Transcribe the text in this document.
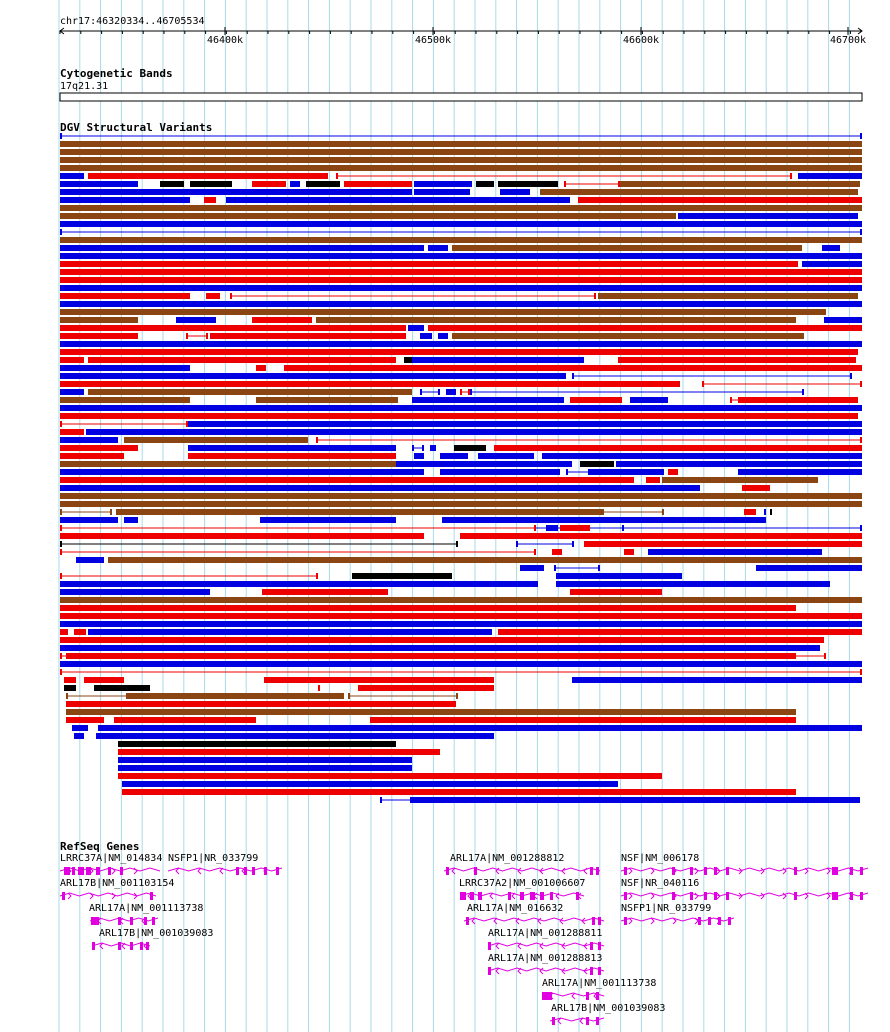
chr17:46320334..46705534
46400k	46500k	46600k	46700k
Cytogenetic Bands
17q21.31
DGV Structural Variants
RefSeq Genes
LRRC37A|NM_014834 NSFP1|NR_033799
ARL17B|NM_001103154
ARL17A|NM_001113738
ARL17B|NM_001039083
ARL17A|NM_001288812
LRRC37A2|NM_001006607
ARL17A|NM_016632
ARL17A|NM_001288811
ARL17A|NM_001288813
ARL17A|NM_001113738
ARL17B|NM_001039083
NSF|NM_006178
NSF|NR_040116
NSFP1|NR_033799
